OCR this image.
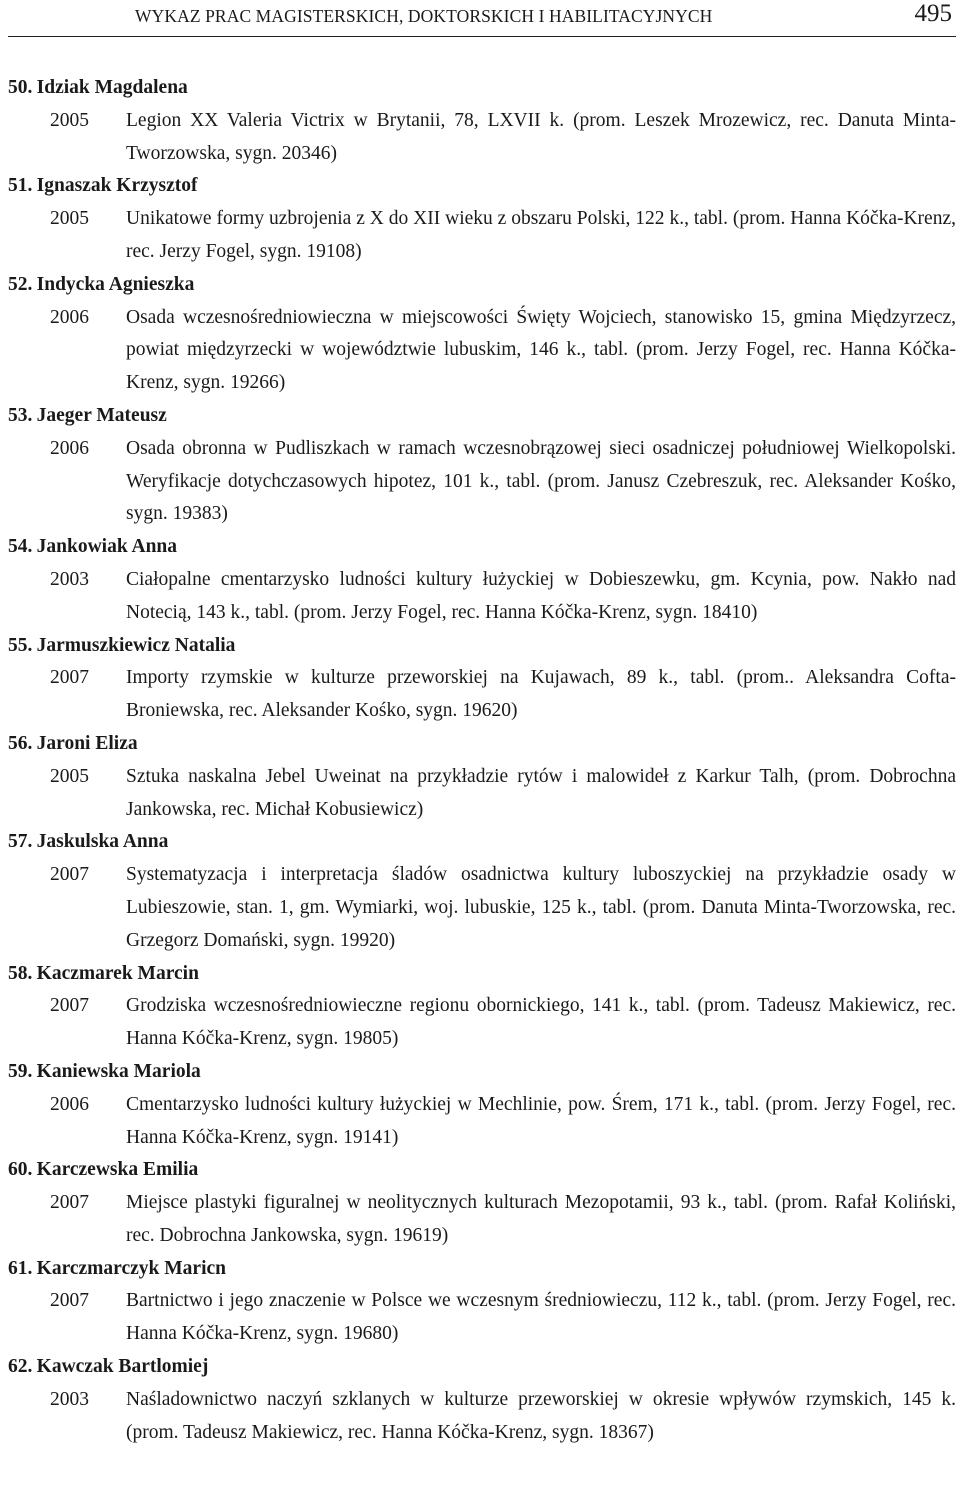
WYKAZ PRAC MAGISTERSKICH, DOKTORSKICH I HABILITACYJNYCH	495
50. Idziak Magdalena
2005 Legion XX Valeria Victrix w Brytanii, 78, LXVII k. (prom. Leszek Mrozewicz, rec. Danuta Minta-Tworzowska, sygn. 20346)
51. Ignaszak Krzysztof
2005 Unikatowe formy uzbrojenia z X do XII wieku z obszaru Polski, 122 k., tabl. (prom. Hanna Kóčka-Krenz, rec. Jerzy Fogel, sygn. 19108)
52. Indycka Agnieszka
2006 Osada wczesnośredniowieczna w miejscowości Święty Wojciech, stanowisko 15, gmina Międzyrzecz, powiat międzyrzecki w województwie lubuskim, 146 k., tabl. (prom. Jerzy Fogel, rec. Hanna Kóčka-Krenz, sygn. 19266)
53. Jaeger Mateusz
2006 Osada obronna w Pudliszkach w ramach wczesnobrązowej sieci osadniczej południowej Wielkopolski. Weryfikacje dotychczasowych hipotez, 101 k., tabl. (prom. Janusz Czebreszuk, rec. Aleksander Kośko, sygn. 19383)
54. Jankowiak Anna
2003 Ciałopalne cmentarzysko ludności kultury łużyckiej w Dobieszewku, gm. Kcynia, pow. Nakło nad Notecią, 143 k., tabl. (prom. Jerzy Fogel, rec. Hanna Kóčka-Krenz, sygn. 18410)
55. Jarmuszkiewicz Natalia
2007 Importy rzymskie w kulturze przeworskiej na Kujawach, 89 k., tabl. (prom.. Aleksandra Cofta-Broniewska, rec. Aleksander Kośko, sygn. 19620)
56. Jaroni Eliza
2005 Sztuka naskalna Jebel Uweinat na przykładzie rytów i malowideł z Karkur Talh, (prom. Dobrochna Jankowska, rec. Michał Kobusiewicz)
57. Jaskulska Anna
2007 Systematyzacja i interpretacja śladów osadnictwa kultury luboszyckiej na przykładzie osady w Lubieszowie, stan. 1, gm. Wymiarki, woj. lubuskie, 125 k., tabl. (prom. Danuta Minta-Tworzowska, rec. Grzegorz Domański, sygn. 19920)
58. Kaczmarek Marcin
2007 Grodziska wczesnośredniowieczne regionu obornickiego, 141 k., tabl. (prom. Tadeusz Makiewicz, rec. Hanna Kóčka-Krenz, sygn. 19805)
59. Kaniewska Mariola
2006 Cmentarzysko ludności kultury łużyckiej w Mechlinie, pow. Śrem, 171 k., tabl. (prom. Jerzy Fogel, rec. Hanna Kóčka-Krenz, sygn. 19141)
60. Karczewska Emilia
2007 Miejsce plastyki figuralnej w neolitycznych kulturach Mezopotamii, 93 k., tabl. (prom. Rafał Koliński, rec. Dobrochna Jankowska, sygn. 19619)
61. Karczmarczyk Maricn
2007 Bartnictwo i jego znaczenie w Polsce we wczesnym średniowieczu, 112 k., tabl. (prom. Jerzy Fogel, rec. Hanna Kóčka-Krenz, sygn. 19680)
62. Kawczak Bartlomiej
2003 Naśladownictwo naczyń szklanych w kulturze przeworskiej w okresie wpływów rzymskich, 145 k. (prom. Tadeusz Makiewicz, rec. Hanna Kóčka-Krenz, sygn. 18367)
